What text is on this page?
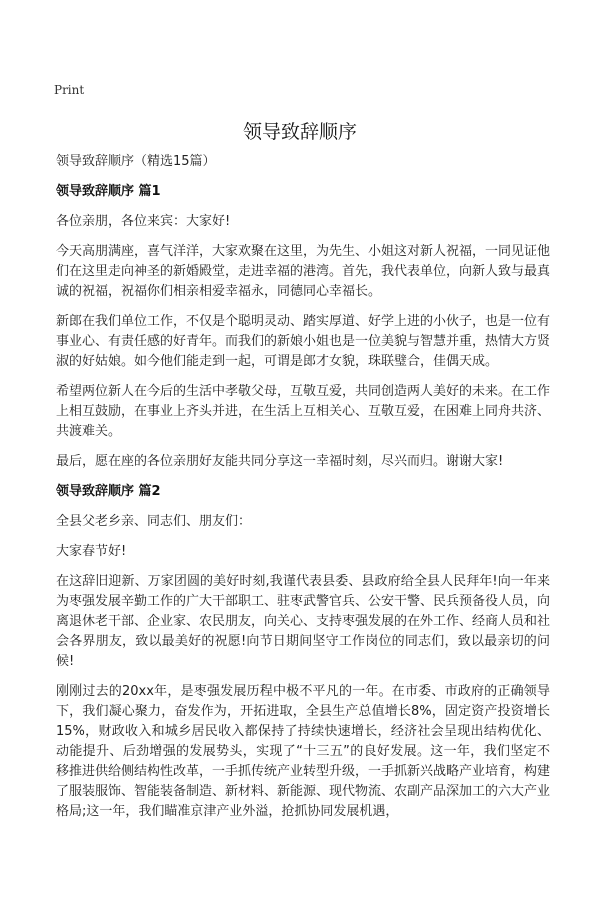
Print
领导致辞顺序

领导致辞顺序（精选15篇）

领导致辞顺序 篇1

各位亲朋，各位来宾：大家好!

今天高朋满座，喜气洋洋，大家欢聚在这里，为先生、小姐这对新人祝福，一同见证他们在这里走向神圣的新婚殿堂，走进幸福的港湾。首先，我代表单位，向新人致与最真诚的祝福，祝福你们相亲相爱幸福永，同德同心幸福长。

新郎在我们单位工作，不仅是个聪明灵动、踏实厚道、好学上进的小伙子，也是一位有事业心、有责任感的好青年。而我们的新娘小姐也是一位美貌与智慧并重，热情大方贤淑的好姑娘。如今他们能走到一起，可谓是郎才女貌，珠联璧合，佳偶天成。

希望两位新人在今后的生活中孝敬父母，互敬互爱，共同创造两人美好的未来。在工作上相互鼓励，在事业上齐头并进，在生活上互相关心、互敬互爱，在困难上同舟共济、共渡难关。

最后，愿在座的各位亲朋好友能共同分享这一幸福时刻，尽兴而归。谢谢大家!

领导致辞顺序 篇2

全县父老乡亲、同志们、朋友们：

大家春节好!

在这辞旧迎新、万家团圆的美好时刻,我谨代表县委、县政府给全县人民拜年!向一年来为枣强发展辛勤工作的广大干部职工、驻枣武警官兵、公安干警、民兵预备役人员，向离退休老干部、企业家、农民朋友，向关心、支持枣强发展的在外工作、经商人员和社会各界朋友，致以最美好的祝愿!向节日期间坚守工作岗位的同志们，致以最亲切的问候!

刚刚过去的20xx年，是枣强发展历程中极不平凡的一年。在市委、市政府的正确领导下，我们凝心聚力，奋发作为，开拓进取，全县生产总值增长8%，固定资产投资增长15%，财政收入和城乡居民收入都保持了持续快速增长，经济社会呈现出结构优化、动能提升、后劲增强的发展势头，实现了“十三五”的良好发展。这一年，我们坚定不移推进供给侧结构性改革，一手抓传统产业转型升级，一手抓新兴战略产业培育，构建了服装服饰、智能装备制造、新材料、新能源、现代物流、农副产品深加工的六大产业格局;这一年，我们瞄准京津产业外溢，抢抓协同发展机遇，
